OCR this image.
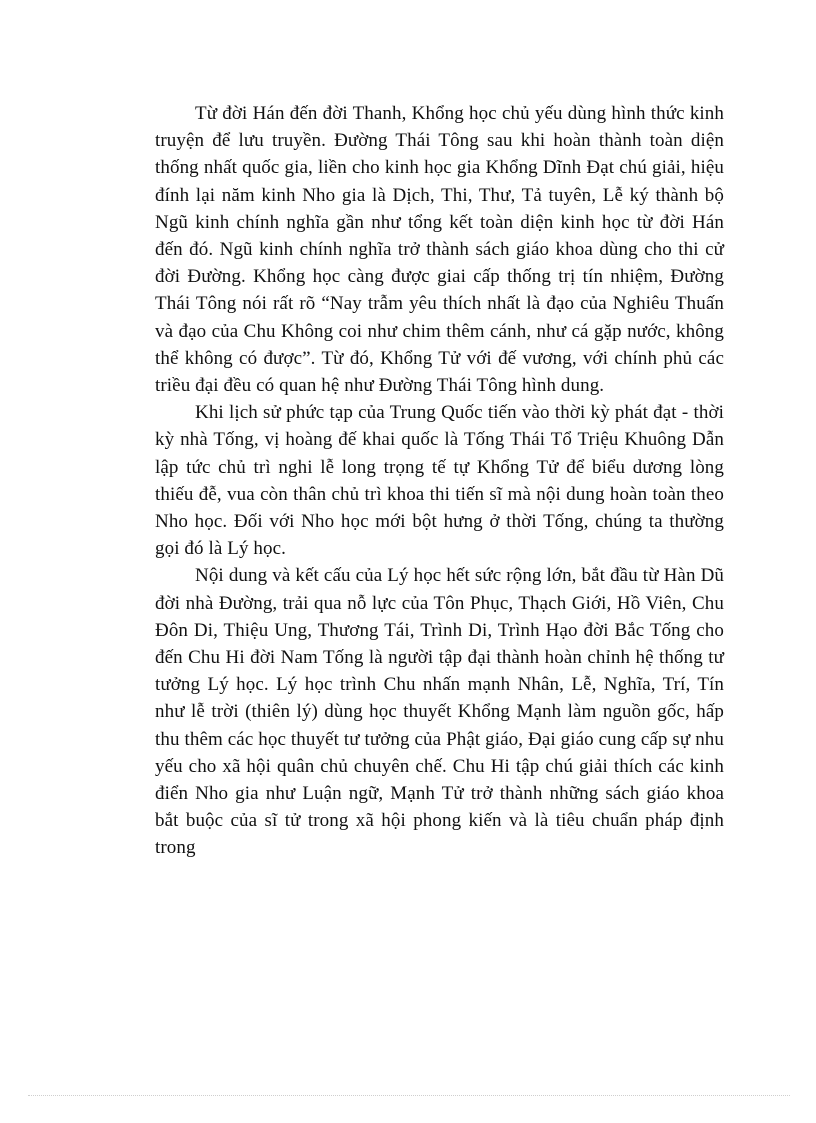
Từ đời Hán đến đời Thanh, Khổng học chủ yếu dùng hình thức kinh truyện để lưu truyền. Đường Thái Tông sau khi hoàn thành toàn diện thống nhất quốc gia, liền cho kinh học gia Khổng Dĩnh Đạt chú giải, hiệu đính lại năm kinh Nho gia là Dịch, Thi, Thư, Tả tuyên, Lễ ký thành bộ Ngũ kinh chính nghĩa gần như tổng kết toàn diện kinh học từ đời Hán đến đó. Ngũ kinh chính nghĩa trở thành sách giáo khoa dùng cho thi cử đời Đường. Khổng học càng được giai cấp thống trị tín nhiệm, Đường Thái Tông nói rất rõ “Nay trẫm yêu thích nhất là đạo của Nghiêu Thuấn và đạo của Chu Không coi như chim thêm cánh, như cá gặp nước, không thể không có được”. Từ đó, Khổng Tử với đế vương, với chính phủ các triều đại đều có quan hệ như Đường Thái Tông hình dung.

Khi lịch sử phức tạp của Trung Quốc tiến vào thời kỳ phát đạt - thời kỳ nhà Tống, vị hoàng đế khai quốc là Tống Thái Tổ Triệu Khuông Dẫn lập tức chủ trì nghi lễ long trọng tế tự Khổng Tử để biểu dương lòng thiếu đễ, vua còn thân chủ trì khoa thi tiến sĩ mà nội dung hoàn toàn theo Nho học. Đối với Nho học mới bột hưng ở thời Tống, chúng ta thường gọi đó là Lý học.

Nội dung và kết cấu của Lý học hết sức rộng lớn, bắt đầu từ Hàn Dũ đời nhà Đường, trải qua nỗ lực của Tôn Phục, Thạch Giới, Hồ Viên, Chu Đôn Di, Thiệu Ung, Thương Tái, Trình Di, Trình Hạo đời Bắc Tống cho đến Chu Hi đời Nam Tống là người tập đại thành hoàn chỉnh hệ thống tư tưởng Lý học. Lý học trình Chu nhấn mạnh Nhân, Lễ, Nghĩa, Trí, Tín như lễ trời (thiên lý) dùng học thuyết Khổng Mạnh làm nguồn gốc, hấp thu thêm các học thuyết tư tưởng của Phật giáo, Đại giáo cung cấp sự nhu yếu cho xã hội quân chủ chuyên chế. Chu Hi tập chú giải thích các kinh điển Nho gia như Luận ngữ, Mạnh Tử trở thành những sách giáo khoa bắt buộc của sĩ tử trong xã hội phong kiến và là tiêu chuẩn pháp định trong
